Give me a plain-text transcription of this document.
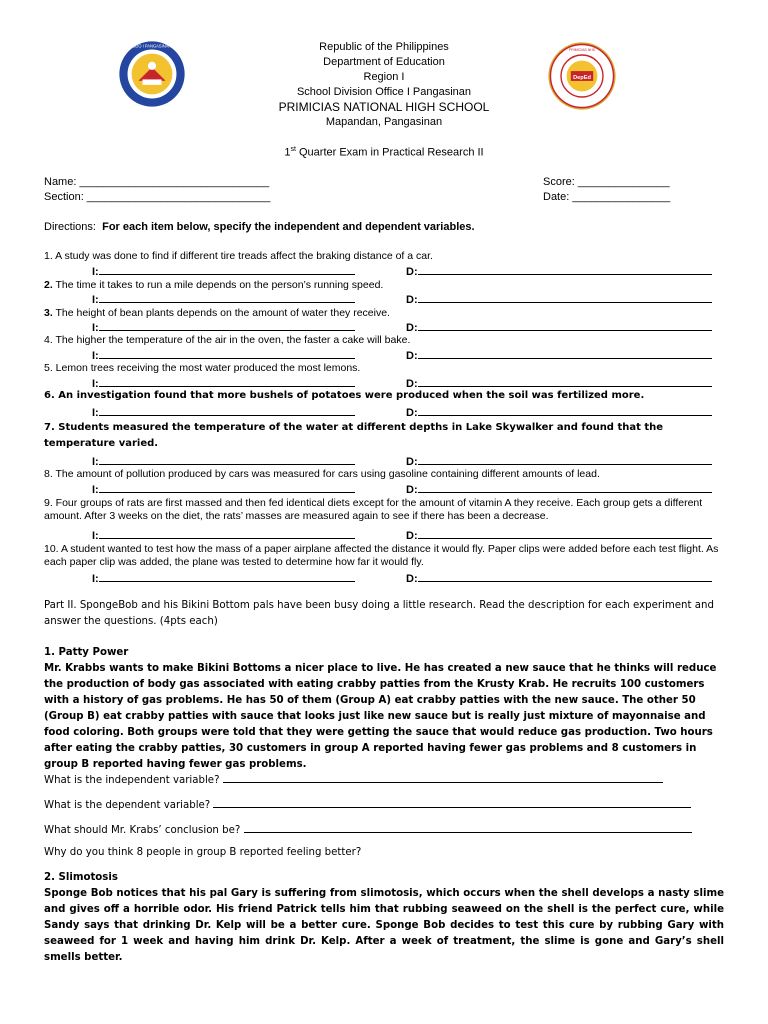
SDO I PANGASINAN
DepEd
PRIMICIAS NHS
Republic of the Philippines
Department of Education
Region I
School Division Office I Pangasinan
PRIMICIAS NATIONAL HIGH SCHOOL
Mapandan, Pangasinan
1st Quarter Exam in Practical Research II
Name: _______________________________
Section: ______________________________
Score: _______________
Date: ________________
Directions: For each item below, specify the independent and dependent variables.
1. A study was done to find if different tire treads affect the braking distance of a car.
I:	D:
2. The time it takes to run a mile depends on the person’s running speed.
I:	D:
3. The height of bean plants depends on the amount of water they receive.
I:	D:
4. The higher the temperature of the air in the oven, the faster a cake will bake.
I:	D:
5. Lemon trees receiving the most water produced the most lemons.
I:	D:
6. An investigation found that more bushels of potatoes were produced when the soil was fertilized more.
I:	D:
7. Students measured the temperature of the water at different depths in Lake Skywalker and found that the temperature varied.
I:	D:
8. The amount of pollution produced by cars was measured for cars using gasoline containing different amounts of lead.
I:	D:
9. Four groups of rats are first massed and then fed identical diets except for the amount of vitamin A they receive. Each group gets a different amount. After 3 weeks on the diet, the rats’ masses are measured again to see if there has been a decrease.
I:	D:
10. A student wanted to test how the mass of a paper airplane affected the distance it would fly. Paper clips were added before each test flight. As each paper clip was added, the plane was tested to determine how far it would fly.
I:	D:
Part II. SpongeBob and his Bikini Bottom pals have been busy doing a little research. Read the description for each experiment and answer the questions. (4pts each)
1. Patty Power
Mr. Krabbs wants to make Bikini Bottoms a nicer place to live. He has created a new sauce that he thinks will reduce the production of body gas associated with eating crabby patties from the Krusty Krab. He recruits 100 customers with a history of gas problems. He has 50 of them (Group A) eat crabby patties with the new sauce. The other 50 (Group B) eat crabby patties with sauce that looks just like new sauce but is really just mixture of mayonnaise and food coloring. Both groups were told that they were getting the sauce that would reduce gas production. Two hours after eating the crabby patties, 30 customers in group A reported having fewer gas problems and 8 customers in group B reported having fewer gas problems.
What is the independent variable?
What is the dependent variable?
What should Mr. Krabs’ conclusion be?
Why do you think 8 people in group B reported feeling better?
2. Slimotosis
Sponge Bob notices that his pal Gary is suffering from slimotosis, which occurs when the shell develops a nasty slime and gives off a horrible odor. His friend Patrick tells him that rubbing seaweed on the shell is the perfect cure, while Sandy says that drinking Dr. Kelp will be a better cure. Sponge Bob decides to test this cure by rubbing Gary with seaweed for 1 week and having him drink Dr. Kelp. After a week of treatment, the slime is gone and Gary’s shell smells better.
